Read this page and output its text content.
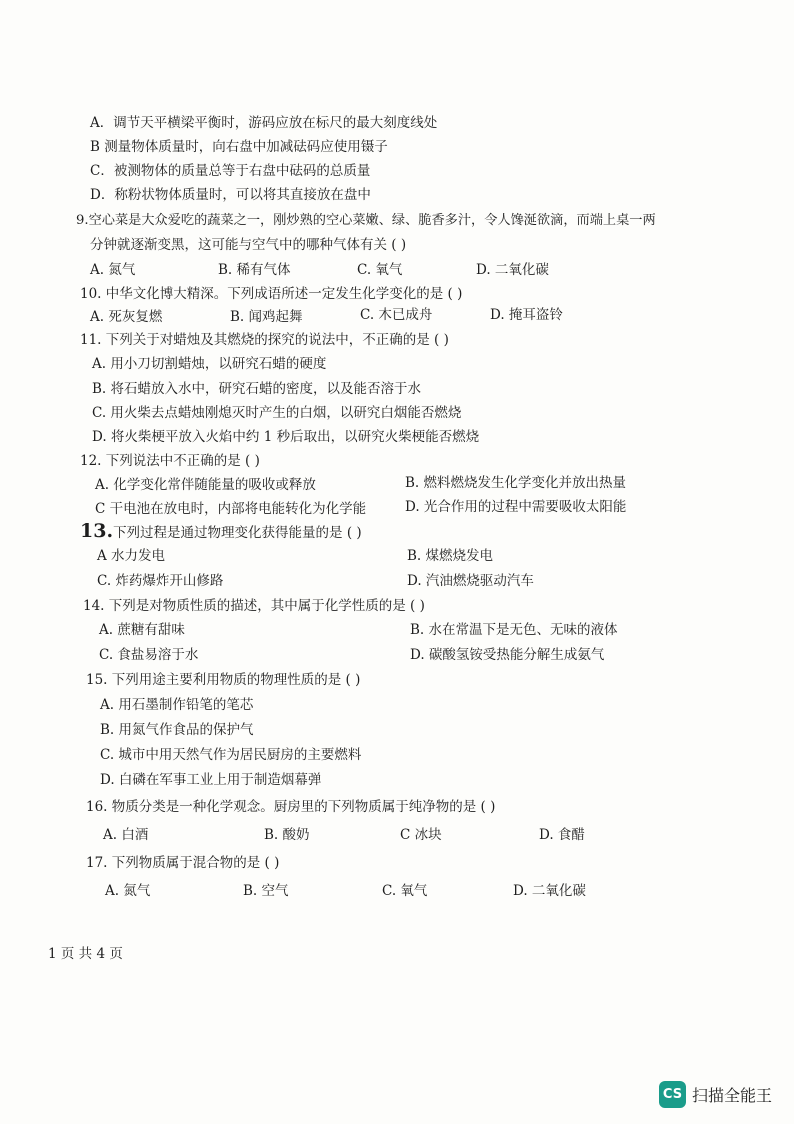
A．调节天平横梁平衡时，游码应放在标尺的最大刻度线处
B 测量物体质量时，向右盘中加减砝码应使用镊子
C．被测物体的质量总等于右盘中砝码的总质量
D．称粉状物体质量时，可以将其直接放在盘中
9.空心菜是大众爱吃的蔬菜之一，刚炒熟的空心菜嫩、绿、脆香多汁，令人馋涎欲滴，而端上桌一两
分钟就逐渐变黑，这可能与空气中的哪种气体有关 ( )
A. 氮气	B. 稀有气体	C. 氧气	D. 二氧化碳
10. 中华文化博大精深。下列成语所述一定发生化学变化的是 ( )
A. 死灰复燃	B. 闻鸡起舞	C. 木已成舟	D. 掩耳盗铃
11. 下列关于对蜡烛及其燃烧的探究的说法中，不正确的是 ( )
A. 用小刀切割蜡烛，以研究石蜡的硬度
B. 将石蜡放入水中，研究石蜡的密度，以及能否溶于水
C. 用火柴去点蜡烛刚熄灭时产生的白烟，以研究白烟能否燃烧
D. 将火柴梗平放入火焰中约 1 秒后取出，以研究火柴梗能否燃烧
12. 下列说法中不正确的是 ( )
A. 化学变化常伴随能量的吸收或释放	B. 燃料燃烧发生化学变化并放出热量
C 干电池在放电时，内部将电能转化为化学能	D. 光合作用的过程中需要吸收太阳能
13.下列过程是通过物理变化获得能量的是 ( )
A 水力发电	B. 煤燃烧发电
C. 炸药爆炸开山修路	D. 汽油燃烧驱动汽车
14. 下列是对物质性质的描述，其中属于化学性质的是 ( )
A. 蔗糖有甜味	B. 水在常温下是无色、无味的液体
C. 食盐易溶于水	D. 碳酸氢铵受热能分解生成氨气
15. 下列用途主要利用物质的物理性质的是 ( )
A. 用石墨制作铅笔的笔芯
B. 用氮气作食品的保护气
C. 城市中用天然气作为居民厨房的主要燃料
D. 白磷在军事工业上用于制造烟幕弹
16. 物质分类是一种化学观念。厨房里的下列物质属于纯净物的是 ( )
A. 白酒	B. 酸奶	C 冰块	D. 食醋
17. 下列物质属于混合物的是 ( )
A. 氮气	B. 空气	C. 氧气	D. 二氧化碳
1 页 共 4 页
CS 扫描全能王
